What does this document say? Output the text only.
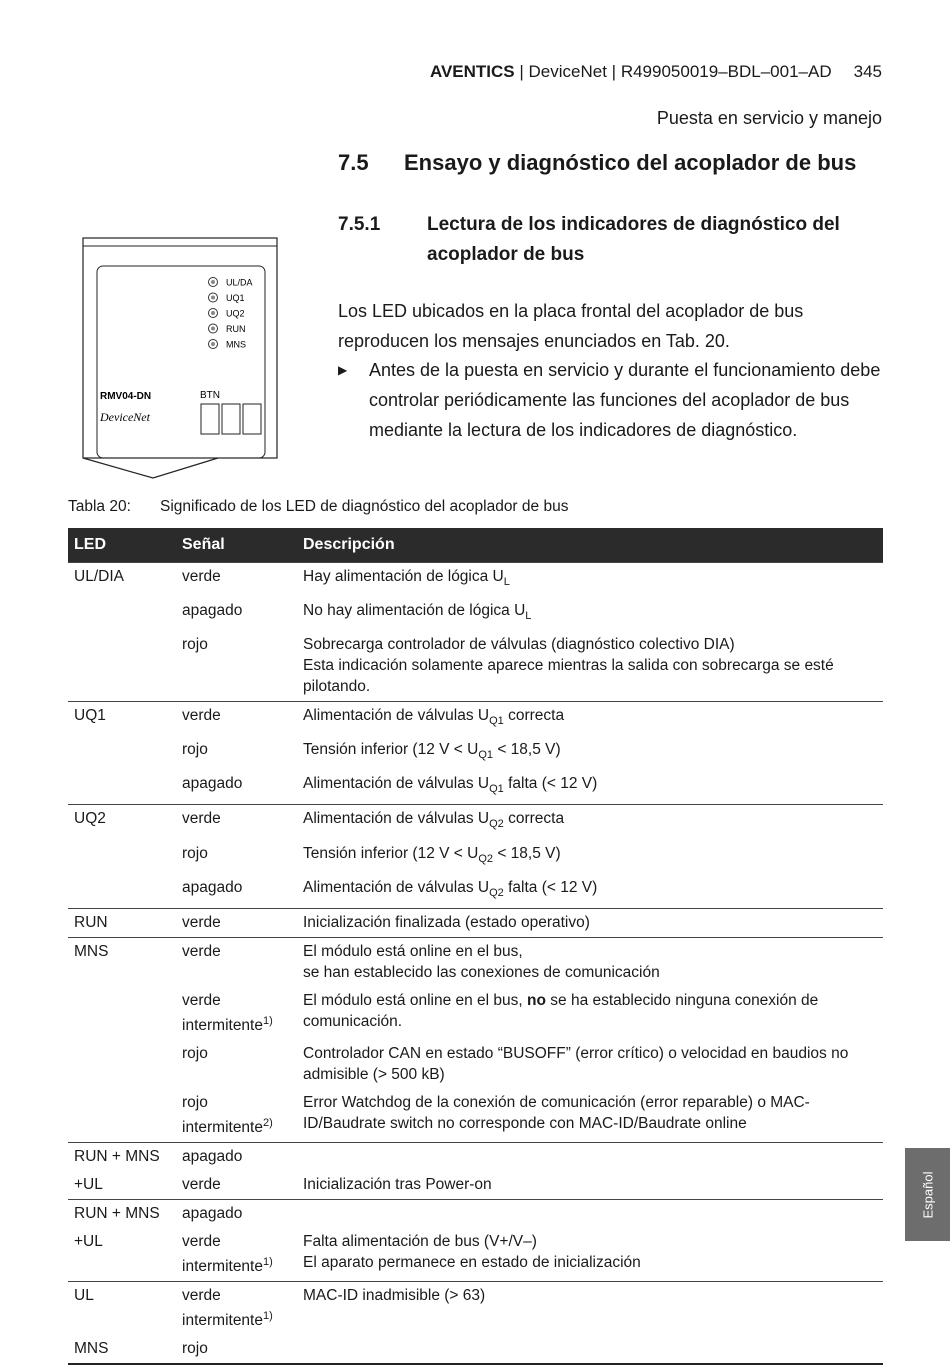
AVENTICS | DeviceNet | R499050019–BDL–001–AD 345
Puesta en servicio y manejo
7.5 Ensayo y diagnóstico del acoplador de bus
7.5.1 Lectura de los indicadores de diagnóstico del acoplador de bus
Los LED ubicados en la placa frontal del acoplador de bus reproducen los mensajes enunciados en Tab. 20.
▶ Antes de la puesta en servicio y durante el funcionamiento debe controlar periódicamente las funciones del acoplador de bus mediante la lectura de los indicadores de diagnóstico.
UL/DA
UQ1
UQ2
RUN
MNS
RMV04-DN	BTN
DeviceNet
Tabla 20: Significado de los LED de diagnóstico del acoplador de bus
LED	Señal	Descripción
UL/DIA	verde	Hay alimentación de lógica $U_L$
	apagado	No hay alimentación de lógica $U_L$
	rojo	Sobrecarga controlador de válvulas (diagnóstico colectivo DIA)
Esta indicación solamente aparece mientras la salida con sobrecarga se esté pilotando.
UQ1	verde	Alimentación de válvulas $U_{Q1}$ correcta
	rojo	Tensión inferior (12 $V < U_{Q1} < 18,5$ V)
	apagado	Alimentación de válvulas $U_{Q1}$ falta (< 12 V)
UQ2	verde	Alimentación de válvulas $U_{Q2}$ correcta
	rojo	Tensión inferior (12 $V < U_{Q2} < 18,5$ V)
	apagado	Alimentación de válvulas $U_{Q2}$ falta (< 12 V)
RUN	verde	Inicialización finalizada (estado operativo)
MNS	verde	El módulo está online en el bus,
se han establecido las conexiones de comunicación
	verde intermitente$^{1)}$	El módulo está online en el bus, no se ha establecido ninguna conexión de comunicación.
	rojo	Controlador CAN en estado “BUSOFF” (error crítico) o velocidad en baudios no admisible (> 500 kB)
	rojo intermitente$^{2)}$	Error Watchdog de la conexión de comunicación (error reparable) o MAC-ID/Baudrate switch no corresponde con MAC-ID/Baudrate online
RUN + MNS	apagado	
+UL	verde	Inicialización tras Power-on
RUN + MNS	apagado	
+UL	verde intermitente$^{1)}$	Falta alimentación de bus (V+/V–)
El aparato permanece en estado de inicialización
UL	verde intermitente$^{1)}$	MAC-ID inadmisible (> 63)
MNS	rojo	
Español
